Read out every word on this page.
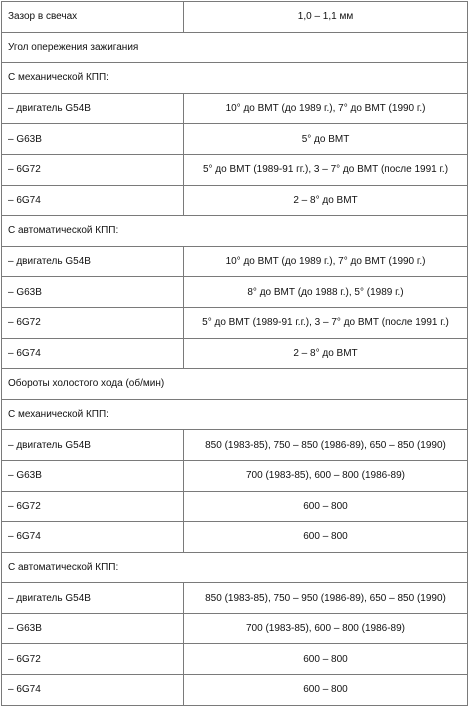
Зазор в свечах	1,0 – 1,1 мм
Угол опережения зажигания	
С механической КПП:	
– двигатель G54B	10° до ВМТ (до 1989 г.), 7° до ВМТ (1990 г.)
– G63B	5° до ВМТ
– 6G72	5° до ВМТ (1989-91 гг.), 3 – 7° до ВМТ (после 1991 г.)
– 6G74	2 – 8° до ВМТ
С автоматической КПП:	
– двигатель G54B	10° до ВМТ (до 1989 г.), 7° до ВМТ (1990 г.)
– G63B	8° до ВМТ (до 1988 г.), 5° (1989 г.)
– 6G72	5° до ВМТ (1989-91 г.г.), 3 – 7° до ВМТ (после 1991 г.)
– 6G74	2 – 8° до ВМТ
Обороты холостого хода (об/мин)	
С механической КПП:	
– двигатель G54B	850 (1983-85), 750 – 850 (1986-89), 650 – 850 (1990)
– G63B	700 (1983-85), 600 – 800 (1986-89)
– 6G72	600 – 800
– 6G74	600 – 800
С автоматической КПП:	
– двигатель G54B	850 (1983-85), 750 – 950 (1986-89), 650 – 850 (1990)
– G63B	700 (1983-85), 600 – 800 (1986-89)
– 6G72	600 – 800
– 6G74	600 – 800
